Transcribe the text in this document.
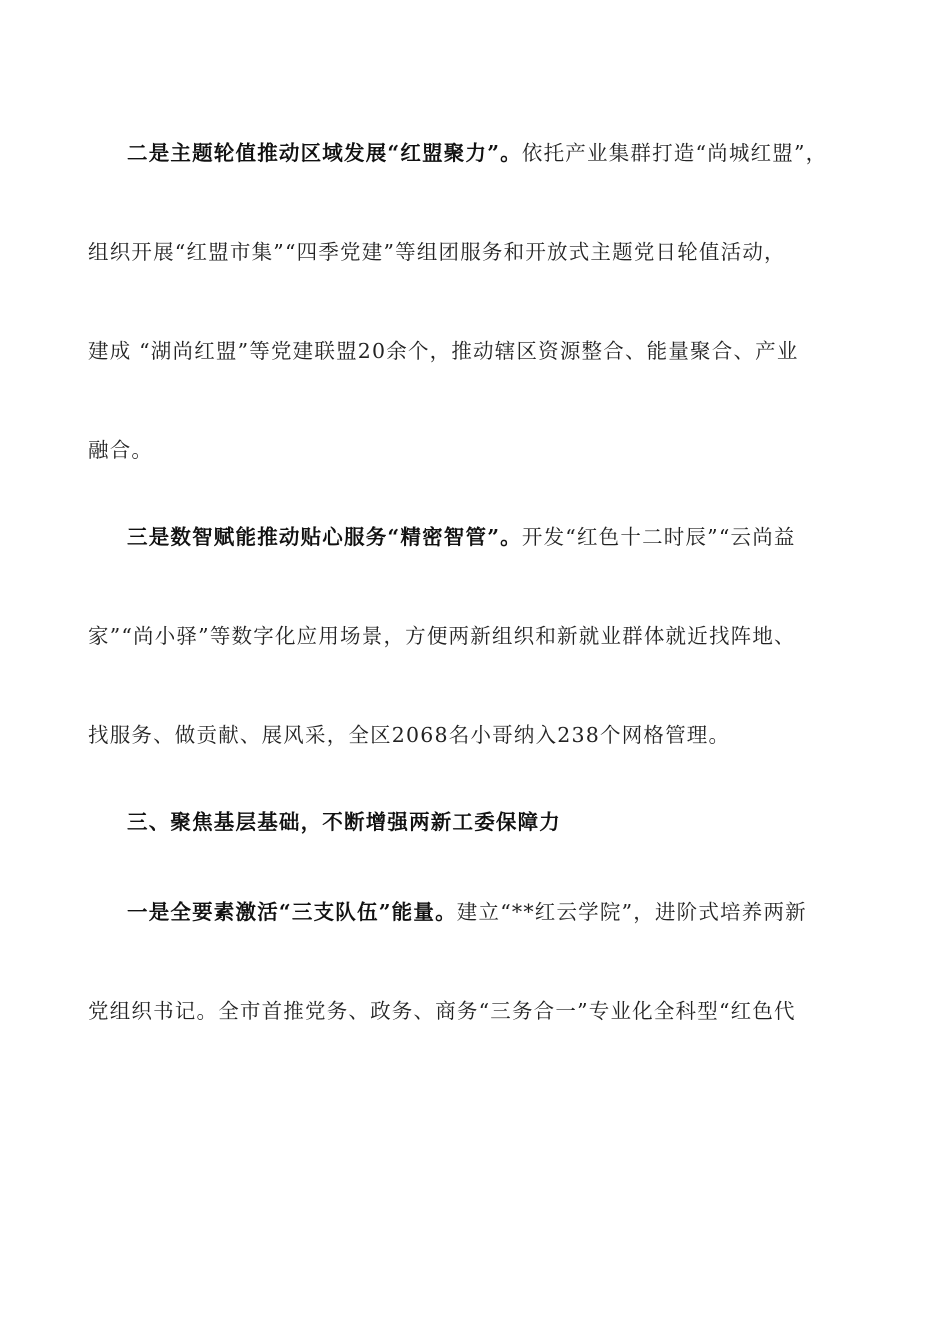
二是主题轮值推动区域发展“红盟聚力”。依托产业集群打造“尚城红盟”，
组织开展“红盟市集”“四季党建”等组团服务和开放式主题党日轮值活动，
建成 “湖尚红盟”等党建联盟20余个，推动辖区资源整合、能量聚合、产业
融合。
三是数智赋能推动贴心服务“精密智管”。开发“红色十二时辰”“云尚益
家”“尚小驿”等数字化应用场景，方便两新组织和新就业群体就近找阵地、
找服务、做贡献、展风采，全区2068名小哥纳入238个网格管理。
三、聚焦基层基础，不断增强两新工委保障力
一是全要素激活“三支队伍”能量。建立“**红云学院”，进阶式培养两新
党组织书记。全市首推党务、政务、商务“三务合一”专业化全科型“红色代
